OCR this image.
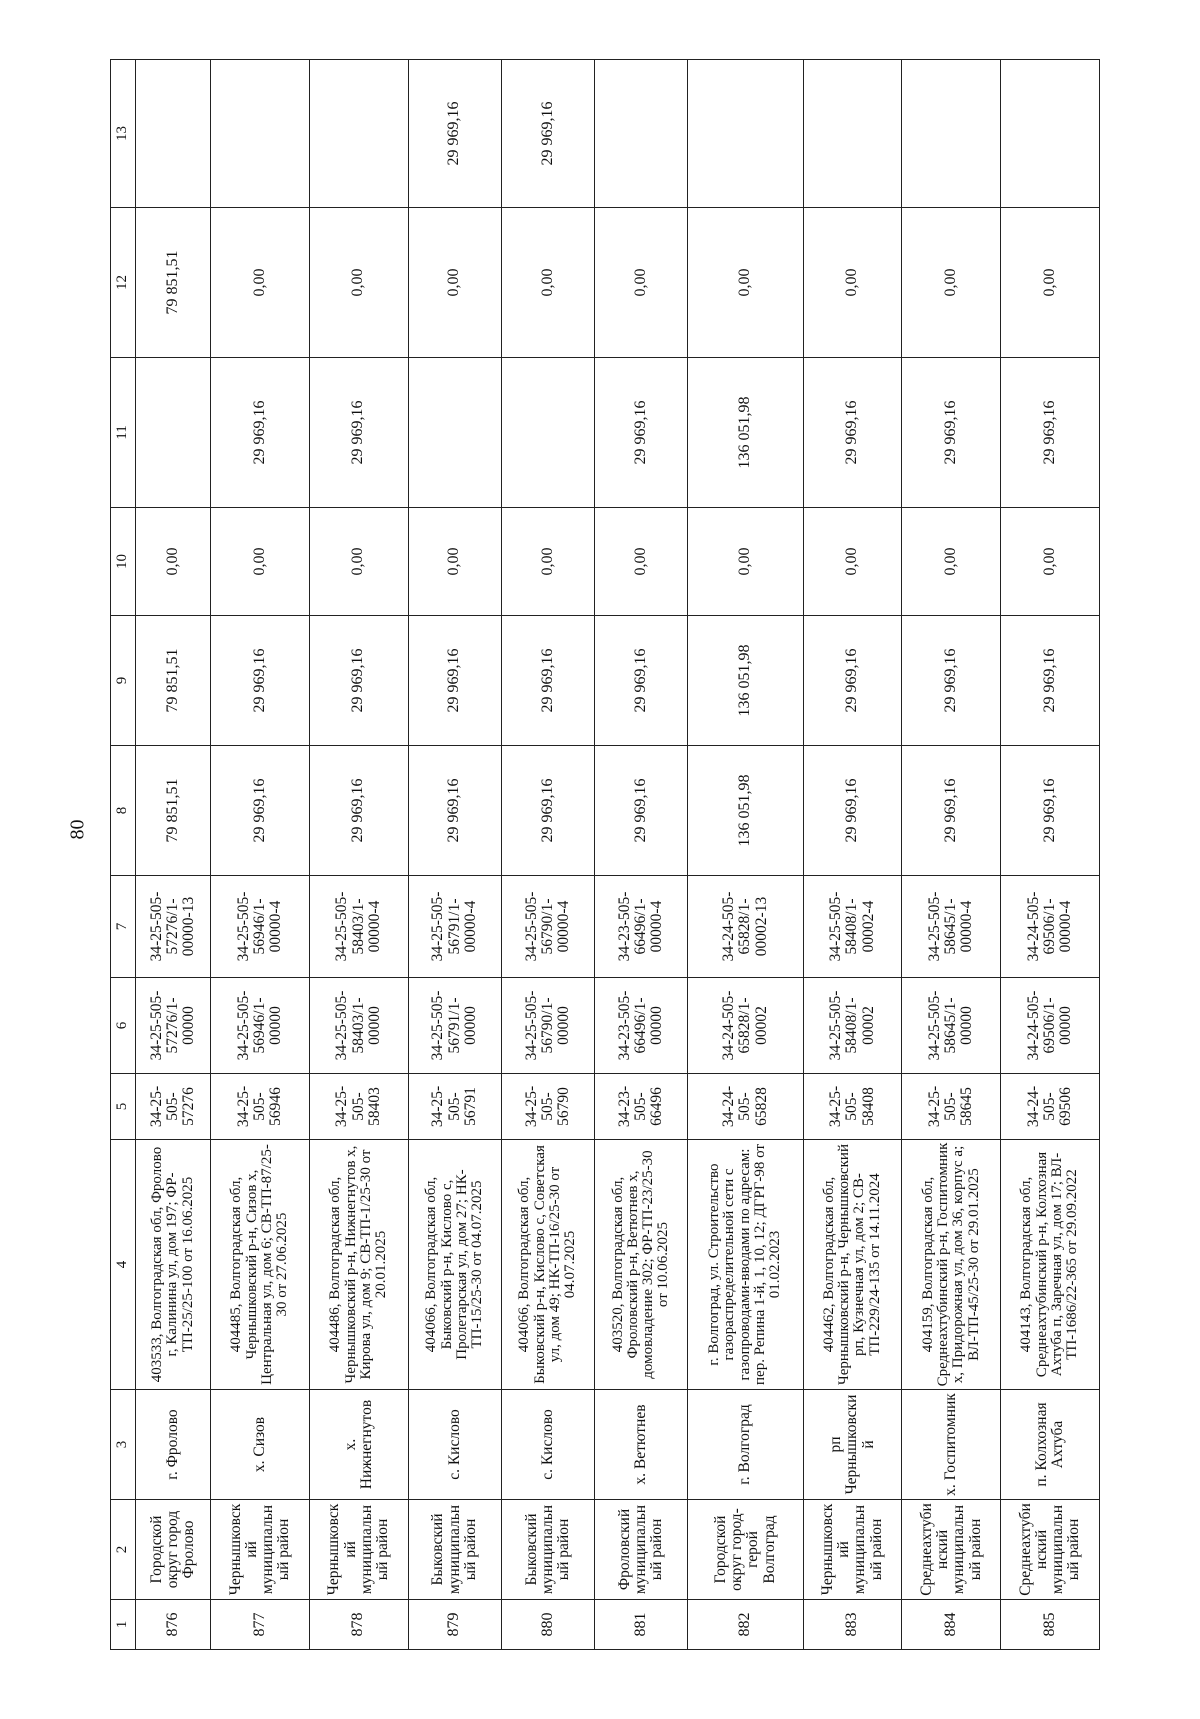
80
1	2	3	4	5	6	7	8	9	10	11	12	13
876	Городской округ город Фролово	г. Фролово	403533, Волгоградская обл, Фролово г, Калинина ул, дом 197; ФР-ТП-25/25-100 от 16.06.2025	34-25-505-57276	34-25-505-57276/1-00000	34-25-505-57276/1-00000-13	79 851,51	79 851,51	0,00		79 851,51	
877	Чернышковский муниципальный район	х. Сизов	404485, Волгоградская обл, Чернышковский р-н, Сизов х, Центральная ул, дом 6; СВ-ТП-87/25-30 от 27.06.2025	34-25-505-56946	34-25-505-56946/1-00000	34-25-505-56946/1-00000-4	29 969,16	29 969,16	0,00	29 969,16	0,00	
878	Чернышковский муниципальный район	х. Нижнегнутов	404486, Волгоградская обл, Чернышковский р-н, Нижнегнутов х, Кирова ул, дом 9; СВ-ТП-1/25-30 от 20.01.2025	34-25-505-58403	34-25-505-58403/1-00000	34-25-505-58403/1-00000-4	29 969,16	29 969,16	0,00	29 969,16	0,00	
879	Быковский муниципальный район	с. Кислово	404066, Волгоградская обл, Быковский р-н, Кислово с, Пролетарская ул, дом 27; НК-ТП-15/25-30 от 04.07.2025	34-25-505-56791	34-25-505-56791/1-00000	34-25-505-56791/1-00000-4	29 969,16	29 969,16	0,00		0,00	29 969,16
880	Быковский муниципальный район	с. Кислово	404066, Волгоградская обл, Быковский р-н, Кислово с, Советская ул, дом 49; НК-ТП-16/25-30 от 04.07.2025	34-25-505-56790	34-25-505-56790/1-00000	34-25-505-56790/1-00000-4	29 969,16	29 969,16	0,00		0,00	29 969,16
881	Фроловский муниципальный район	х. Ветютнев	403520, Волгоградская обл, Фроловский р-н, Ветютнев х, домовладение 302; ФР-ТП-23/25-30 от 10.06.2025	34-23-505-66496	34-23-505-66496/1-00000	34-23-505-66496/1-00000-4	29 969,16	29 969,16	0,00	29 969,16	0,00	
882	Городской округ город-герой Волгоград	г. Волгоград	г. Волгоград, ул. Строительство газораспределительной сети с газопроводами-вводами по адресам: пер. Репина 1-й, 1, 10, 12; ДГРГ-98 от 01.02.2023	34-24-505-65828	34-24-505-65828/1-00002	34-24-505-65828/1-00002-13	136 051,98	136 051,98	0,00	136 051,98	0,00	
883	Чернышковский муниципальный район	рп Чернышковский	404462, Волгоградская обл, Чернышковский р-н, Чернышковский рп, Кузнечная ул, дом 2; СВ-ТП-229/24-135 от 14.11.2024	34-25-505-58408	34-25-505-58408/1-00002	34-25-505-58408/1-00002-4	29 969,16	29 969,16	0,00	29 969,16	0,00	
884	Среднеахтубинский муниципальный район	х. Госпитомник	404159, Волгоградская обл, Среднеахтубинский р-н, Госпитомник х, Придорожная ул, дом 36, корпус а; ВЛ-ТП-45/25-30 от 29.01.2025	34-25-505-58645	34-25-505-58645/1-00000	34-25-505-58645/1-00000-4	29 969,16	29 969,16	0,00	29 969,16	0,00	
885	Среднеахтубинский муниципальный район	п. Колхозная Ахтуба	404143, Волгоградская обл, Среднеахтубинский р-н, Колхозная Ахтуба п, Заречная ул, дом 17; ВЛ-ТП-1686/22-365 от 29.09.2022	34-24-505-69506	34-24-505-69506/1-00000	34-24-505-69506/1-00000-4	29 969,16	29 969,16	0,00	29 969,16	0,00	
